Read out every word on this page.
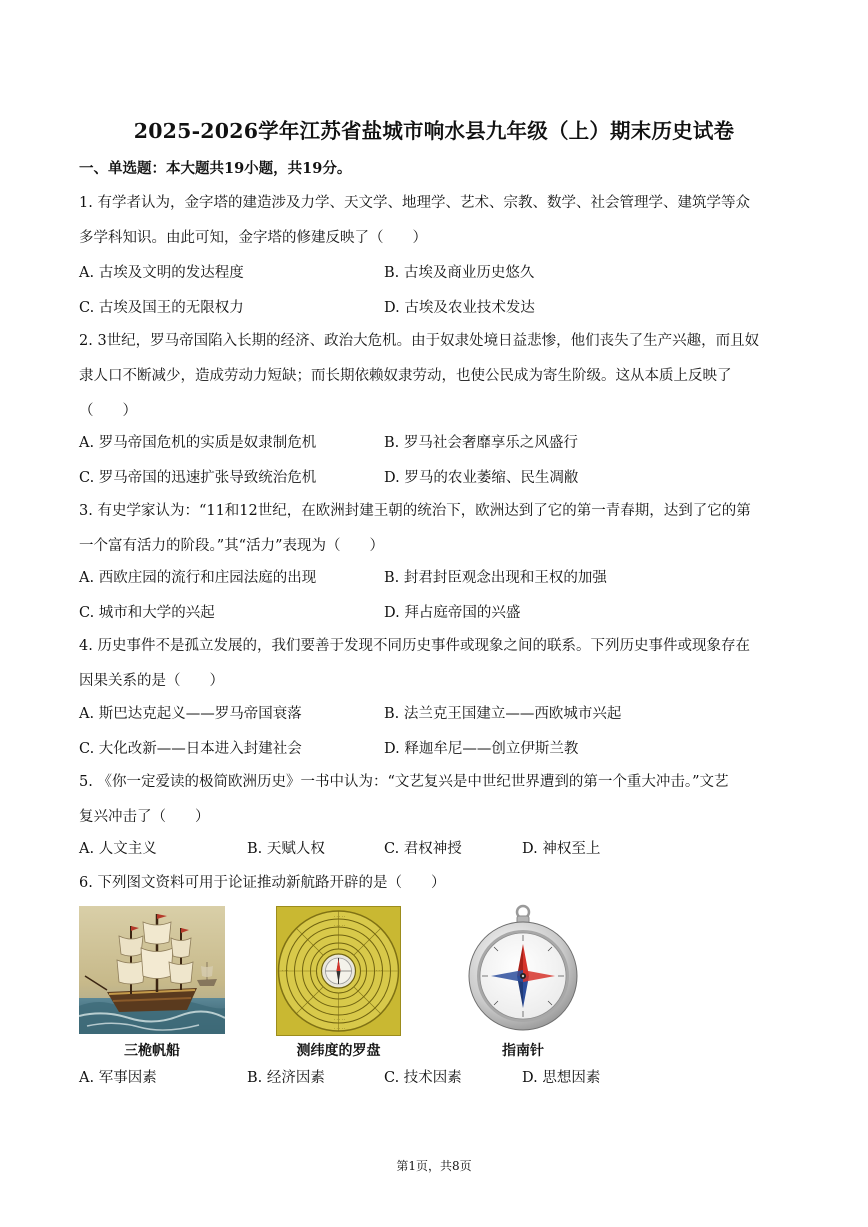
2025-2026学年江苏省盐城市响水县九年级（上）期末历史试卷
一、单选题：本大题共19小题，共19分。
1. 有学者认为，金字塔的建造涉及力学、天文学、地理学、艺术、宗教、数学、社会管理学、建筑学等众
多学科知识。由此可知，金字塔的修建反映了（　　）
A. 古埃及文明的发达程度	B. 古埃及商业历史悠久
C. 古埃及国王的无限权力	D. 古埃及农业技术发达
2. 3世纪，罗马帝国陷入长期的经济、政治大危机。由于奴隶处境日益悲惨，他们丧失了生产兴趣，而且奴
隶人口不断减少，造成劳动力短缺；而长期依赖奴隶劳动，也使公民成为寄生阶级。这从本质上反映了
（　　）
A. 罗马帝国危机的实质是奴隶制危机	B. 罗马社会奢靡享乐之风盛行
C. 罗马帝国的迅速扩张导致统治危机	D. 罗马的农业萎缩、民生凋敝
3. 有史学家认为：“11和12世纪，在欧洲封建王朝的统治下，欧洲达到了它的第一青春期，达到了它的第
一个富有活力的阶段。”其“活力”表现为（　　）
A. 西欧庄园的流行和庄园法庭的出现	B. 封君封臣观念出现和王权的加强
C. 城市和大学的兴起	D. 拜占庭帝国的兴盛
4. 历史事件不是孤立发展的，我们要善于发现不同历史事件或现象之间的联系。下列历史事件或现象存在
因果关系的是（　　）
A. 斯巴达克起义——罗马帝国衰落	B. 法兰克王国建立——西欧城市兴起
C. 大化改新——日本进入封建社会	D. 释迦牟尼——创立伊斯兰教
5. 《你一定爱读的极简欧洲历史》一书中认为：“文艺复兴是中世纪世界遭到的第一个重大冲击。”文艺
复兴冲击了（　　）
A. 人文主义	B. 天赋人权	C. 君权神授	D. 神权至上
6. 下列图文资料可用于论证推动新航路开辟的是（　　）
三桅帆船
· · · · ·
· · · · ·
· · · · ·
· · · · ·
· · ·	· · ·
测纬度的罗盘	指南针
A. 军事因素	B. 经济因素	C. 技术因素	D. 思想因素
第1页，共8页
